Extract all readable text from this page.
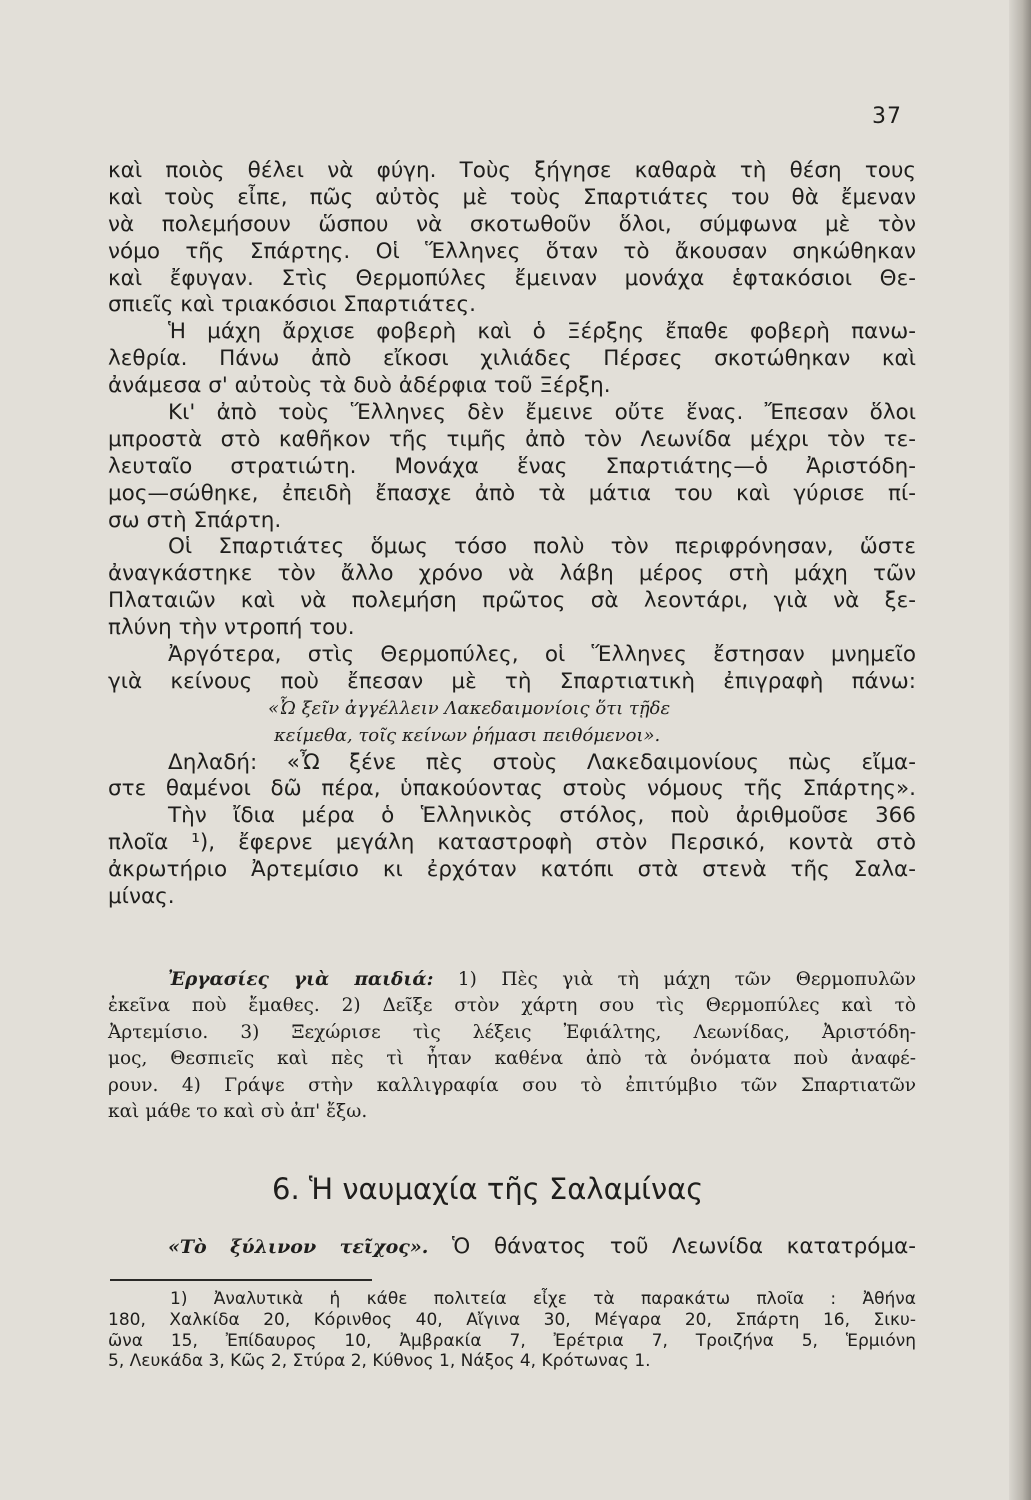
37
καὶ ποιὸς θέλει νὰ φύγη. Τοὺς ξήγησε καθαρὰ τὴ θέση τους
καὶ τοὺς εἶπε, πῶς αὐτὸς μὲ τοὺς Σπαρτιάτες του θὰ ἔμεναν
νὰ πολεμήσουν ὥσπου νὰ σκοτωθοῦν ὅλοι, σύμφωνα μὲ τὸν
νόμο τῆς Σπάρτης. Οἱ Ἕλληνες ὅταν τὸ ἄκουσαν σηκώθηκαν
καὶ ἔφυγαν. Στὶς Θερμοπύλες ἔμειναν μονάχα ἑφτακόσιοι Θε-
σπιεῖς καὶ τριακόσιοι Σπαρτιάτες.
Ἡ μάχη ἄρχισε φοβερὴ καὶ ὁ Ξέρξης ἔπαθε φοβερὴ πανω-
λεθρία. Πάνω ἀπὸ εἴκοσι χιλιάδες Πέρσες σκοτώθηκαν καὶ
ἀνάμεσα σ' αὐτοὺς τὰ δυὸ ἀδέρφια τοῦ Ξέρξη.
Κι' ἀπὸ τοὺς Ἕλληνες δὲν ἔμεινε οὔτε ἕνας. Ἔπεσαν ὅλοι
μπροστὰ στὸ καθῆκον τῆς τιμῆς ἀπὸ τὸν Λεωνίδα μέχρι τὸν τε-
λευταῖο στρατιώτη. Μονάχα ἕνας Σπαρτιάτης—ὁ Ἀριστόδη-
μος—σώθηκε, ἐπειδὴ ἔπασχε ἀπὸ τὰ μάτια του καὶ γύρισε πί-
σω στὴ Σπάρτη.
Οἱ Σπαρτιάτες ὅμως τόσο πολὺ τὸν περιφρόνησαν, ὥστε
ἀναγκάστηκε τὸν ἄλλο χρόνο νὰ λάβη μέρος στὴ μάχη τῶν
Πλαταιῶν καὶ νὰ πολεμήση πρῶτος σὰ λεοντάρι, γιὰ νὰ ξε-
πλύνη τὴν ντροπή του.
Ἀργότερα, στὶς Θερμοπύλες, οἱ Ἕλληνες ἔστησαν μνημεῖο
γιὰ κείνους ποὺ ἔπεσαν μὲ τὴ Σπαρτιατικὴ ἐπιγραφὴ πάνω:
«Ὦ ξεῖν ἀγγέλλειν Λακεδαιμονίοις ὅτι τῇδε
κείμεθα, τοῖς κείνων ῥήμασι πειθόμενοι».
Δηλαδή: «Ὦ ξένε πὲς στοὺς Λακεδαιμονίους πὼς εἴμα-
στε θαμένοι δῶ πέρα, ὑπακούοντας στοὺς νόμους τῆς Σπάρτης».
Τὴν ἴδια μέρα ὁ Ἑλληνικὸς στόλος, ποὺ ἀριθμοῦσε 366
πλοῖα ¹), ἔφερνε μεγάλη καταστροφὴ στὸν Περσικό, κοντὰ στὸ
ἀκρωτήριο Ἀρτεμίσιο κι ἐρχόταν κατόπι στὰ στενὰ τῆς Σαλα-
μίνας.
Ἐργασίες γιὰ παιδιά: 1) Πὲς γιὰ τὴ μάχη τῶν Θερμοπυλῶν
ἐκεῖνα ποὺ ἔμαθες. 2) Δεῖξε στὸν χάρτη σου τὶς Θερμοπύλες καὶ τὸ
Ἀρτεμίσιο. 3) Ξεχώρισε τὶς λέξεις Ἐφιάλτης, Λεωνίδας, Ἀριστόδη-
μος, Θεσπιεῖς καὶ πὲς τὶ ἦταν καθένα ἀπὸ τὰ ὀνόματα ποὺ ἀναφέ-
ρουν. 4) Γράψε στὴν καλλιγραφία σου τὸ ἐπιτύμβιο τῶν Σπαρτιατῶν
καὶ μάθε το καὶ σὺ ἀπ' ἔξω.
6. Ἡ ναυμαχία τῆς Σαλαμίνας
«Τὸ ξύλινον τεῖχος». Ὁ θάνατος τοῦ Λεωνίδα κατατρόμα-
1) Ἀναλυτικὰ ἡ κάθε πολιτεία εἶχε τὰ παρακάτω πλοῖα : Ἀθήνα
180, Χαλκίδα 20, Κόρινθος 40, Αἴγινα 30, Μέγαρα 20, Σπάρτη 16, Σικυ-
ῶνα 15, Ἐπίδαυρος 10, Ἀμβρακία 7, Ἐρέτρια 7, Τροιζήνα 5, Ἑρμιόνη
5, Λευκάδα 3, Κῶς 2, Στύρα 2, Κύθνος 1, Νάξος 4, Κρότωνας 1.
